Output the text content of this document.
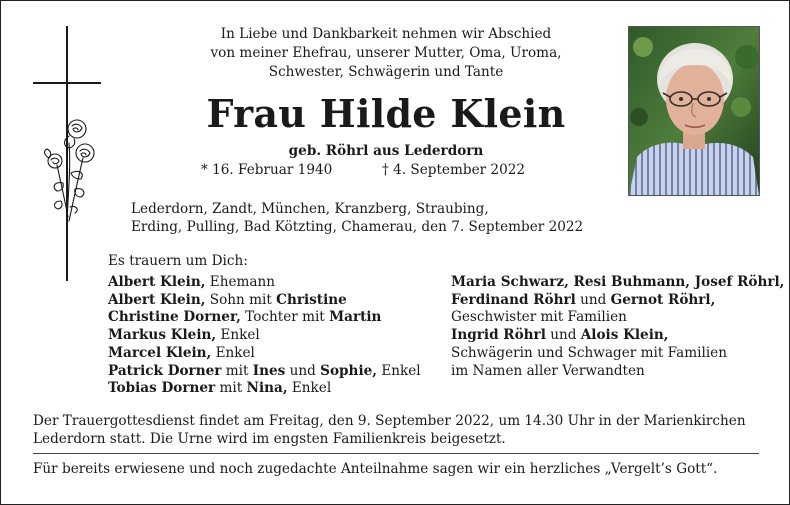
In Liebe und Dankbarkeit nehmen wir Abschied
von meiner Ehefrau, unserer Mutter, Oma, Uroma,
Schwester, Schwägerin und Tante
Frau Hilde Klein
geb. Röhrl aus Lederdorn
* 16. Februar 1940	† 4. September 2022
Lederdorn, Zandt, München, Kranzberg, Straubing,
Erding, Pulling, Bad Kötzting, Chamerau, den 7. September 2022
Es trauern um Dich:
Albert Klein, Ehemann
Albert Klein, Sohn mit Christine
Christine Dorner, Tochter mit Martin
Markus Klein, Enkel
Marcel Klein, Enkel
Patrick Dorner mit Ines und Sophie, Enkel
Tobias Dorner mit Nina, Enkel
Maria Schwarz, Resi Buhmann, Josef Röhrl,
Ferdinand Röhrl und Gernot Röhrl,
Geschwister mit Familien
Ingrid Röhrl und Alois Klein,
Schwägerin und Schwager mit Familien
im Namen aller Verwandten
Der Trauergottesdienst findet am Freitag, den 9. September 2022, um 14.30 Uhr in der Marienkirchen
Lederdorn statt. Die Urne wird im engsten Familienkreis beigesetzt.
Für bereits erwiesene und noch zugedachte Anteilnahme sagen wir ein herzliches „Vergelt’s Gott“.
